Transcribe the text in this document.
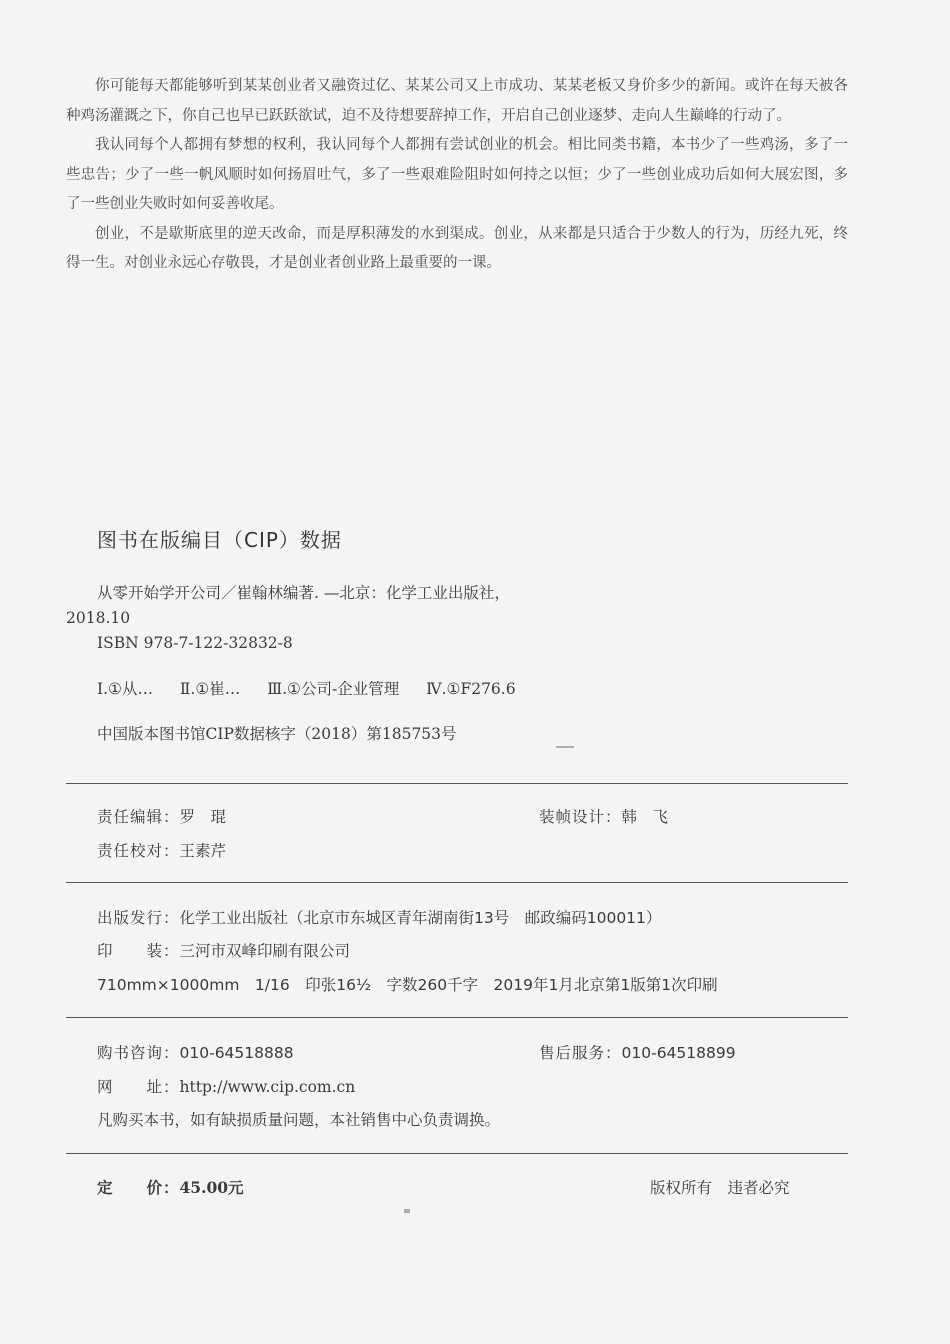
你可能每天都能够听到某某创业者又融资过亿、某某公司又上市成功、某某老板又身价多少的新闻。或许在每天被各种鸡汤灌溉之下，你自己也早已跃跃欲试，迫不及待想要辞掉工作，开启自己创业逐梦、走向人生巅峰的行动了。

我认同每个人都拥有梦想的权利，我认同每个人都拥有尝试创业的机会。相比同类书籍，本书少了一些鸡汤，多了一些忠告；少了一些一帆风顺时如何扬眉吐气，多了一些艰难险阻时如何持之以恒；少了一些创业成功后如何大展宏图，多了一些创业失败时如何妥善收尾。

创业，不是歇斯底里的逆天改命，而是厚积薄发的水到渠成。创业，从来都是只适合于少数人的行为，历经九死，终得一生。对创业永远心存敬畏，才是创业者创业路上最重要的一课。

图书在版编目（CIP）数据
从零开始学开公司／崔翰林编著. —北京：化学工业出版社，
2018.10
ISBN 978-7-122-32832-8
Ⅰ.①从… Ⅱ.①崔… Ⅲ.①公司-企业管理 Ⅳ.①F276.6
中国版本图书馆CIP数据核字（2018）第185753号
责任编辑：罗　琨	装帧设计：韩　飞
责任校对：王素芹
出版发行：化学工业出版社（北京市东城区青年湖南街13号　邮政编码100011）
印　　装：三河市双峰印刷有限公司
710mm×1000mm　1/16　印张16½　字数260千字　2019年1月北京第1版第1次印刷
购书咨询：010-64518888	售后服务：010-64518899
网　　址：http://www.cip.com.cn
凡购买本书，如有缺损质量问题，本社销售中心负责调换。
定　　价：45.00元	版权所有　违者必究
